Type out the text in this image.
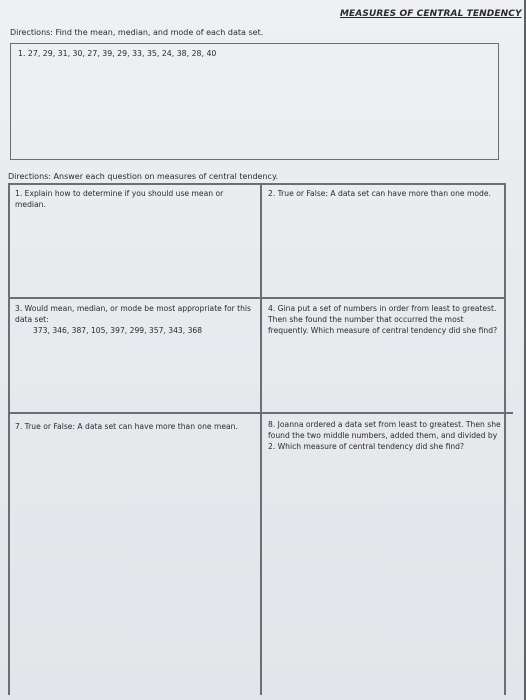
MEASURES OF CENTRAL TENDENCY
Directions: Find the mean, median, and mode of each data set.
1. 27, 29, 31, 30, 27, 39, 29, 33, 35, 24, 38, 28, 40
Directions: Answer each question on measures of central tendency.
1. Explain how to determine if you should use mean or median.
2. True or False: A data set can have more than one mode.
3. Would mean, median, or mode be most appropriate for this data set:
373, 346, 387, 105, 397, 299, 357, 343, 368
4. Gina put a set of numbers in order from least to greatest. Then she found the number that occurred the most frequently. Which measure of central tendency did she find?
7. True or False: A data set can have more than one mean.	8. Joanna ordered a data set from least to greatest. Then she found the two middle numbers, added them, and divided by 2. Which measure of central tendency did she find?
